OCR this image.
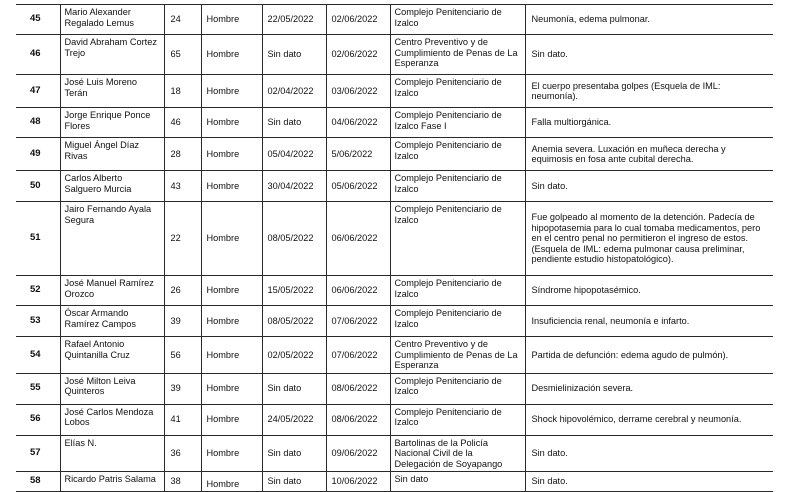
45	Mario Alexander Regalado Lemus	24	Hombre	22/05/2022	02/06/2022	Complejo Penitenciario de Izalco	Neumonía, edema pulmonar.
46	David Abraham Cortez Trejo	65	Hombre	Sin dato	02/06/2022	Centro Preventivo y de Cumplimiento de Penas de La Esperanza	Sin dato.
47	José Luis Moreno Terán	18	Hombre	02/04/2022	03/06/2022	Complejo Penitenciario de Izalco	El cuerpo presentaba golpes (Esquela de IML: neumonía).
48	Jorge Enrique Ponce Flores	46	Hombre	Sin dato	04/06/2022	Complejo Penitenciario de Izalco Fase I	Falla multiorgánica.
49	Miguel Ángel Díaz Rivas	28	Hombre	05/04/2022	5/06/2022	Complejo Penitenciario de Izalco	Anemia severa. Luxación en muñeca derecha y equimosis en fosa ante cubital derecha.
50	Carlos Alberto Salguero Murcia	43	Hombre	30/04/2022	05/06/2022	Complejo Penitenciario de Izalco	Sin dato.
51	Jairo Fernando Ayala Segura	22	Hombre	08/05/2022	06/06/2022	Complejo Penitenciario de Izalco	Fue golpeado al momento de la detención. Padecía de hipopotasemia para lo cual tomaba medicamentos, pero en el centro penal no permitieron el ingreso de estos. (Esquela de IML: edema pulmonar causa preliminar, pendiente estudio histopatológico).
52	José Manuel Ramírez Orozco	26	Hombre	15/05/2022	06/06/2022	Complejo Penitenciario de Izalco	Síndrome hipopotasémico.
53	Óscar Armando Ramírez Campos	39	Hombre	08/05/2022	07/06/2022	Complejo Penitenciario de Izalco	Insuficiencia renal, neumonía e infarto.
54	Rafael Antonio Quintanilla Cruz	56	Hombre	02/05/2022	07/06/2022	Centro Preventivo y de Cumplimiento de Penas de La Esperanza	Partida de defunción: edema agudo de pulmón).
55	José Milton Leiva Quinteros	39	Hombre	Sin dato	08/06/2022	Complejo Penitenciario de Izalco	Desmielinización severa.
56	José Carlos Mendoza Lobos	41	Hombre	24/05/2022	08/06/2022	Complejo Penitenciario de Izalco	Shock hipovolémico, derrame cerebral y neumonía.
57	Elías N.	36	Hombre	Sin dato	09/06/2022	Bartolinas de la Policía Nacional Civil de la Delegación de Soyapango	Sin dato.
58	Ricardo Patris Salama	38	Hombre	Sin dato	10/06/2022	Sin dato	Sin dato.
